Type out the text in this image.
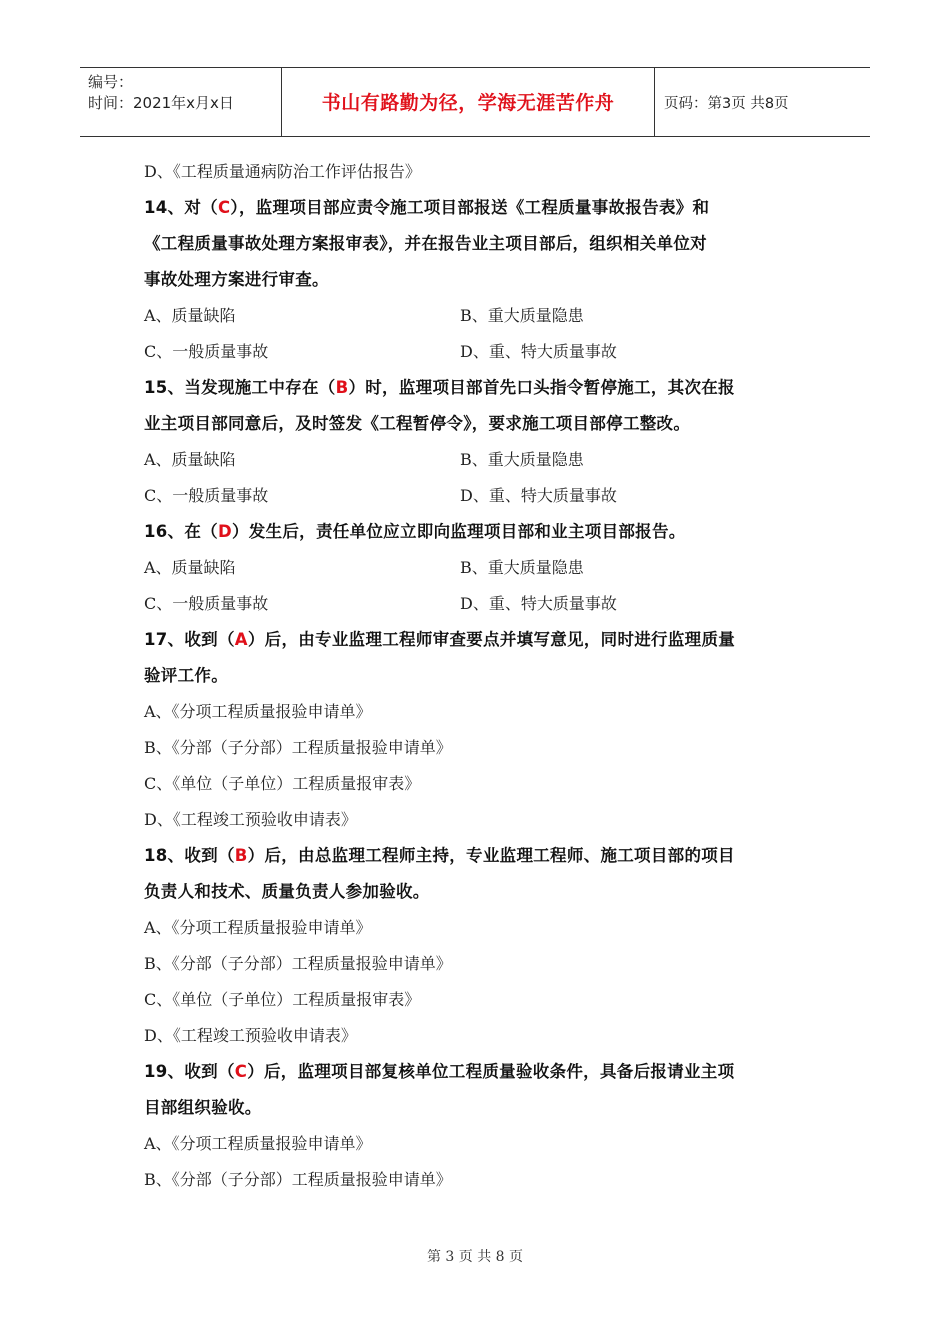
编号：
时间：2021年x月x日	书山有路勤为径，学海无涯苦作舟	页码：第3页 共8页
D、《工程质量通病防治工作评估报告》
14、对（C），监理项目部应责令施工项目部报送《工程质量事故报告表》和
《工程质量事故处理方案报审表》，并在报告业主项目部后，组织相关单位对
事故处理方案进行审查。
A、质量缺陷	B、重大质量隐患
C、一般质量事故	D、重、特大质量事故
15、当发现施工中存在（B）时，监理项目部首先口头指令暂停施工，其次在报
业主项目部同意后，及时签发《工程暂停令》，要求施工项目部停工整改。
A、质量缺陷	B、重大质量隐患
C、一般质量事故	D、重、特大质量事故
16、在（D）发生后，责任单位应立即向监理项目部和业主项目部报告。
A、质量缺陷	B、重大质量隐患
C、一般质量事故	D、重、特大质量事故
17、收到（A）后，由专业监理工程师审查要点并填写意见，同时进行监理质量
验评工作。
A、《分项工程质量报验申请单》
B、《分部（子分部）工程质量报验申请单》
C、《单位（子单位）工程质量报审表》
D、《工程竣工预验收申请表》
18、收到（B）后，由总监理工程师主持，专业监理工程师、施工项目部的项目
负责人和技术、质量负责人参加验收。
A、《分项工程质量报验申请单》
B、《分部（子分部）工程质量报验申请单》
C、《单位（子单位）工程质量报审表》
D、《工程竣工预验收申请表》
19、收到（C）后，监理项目部复核单位工程质量验收条件，具备后报请业主项
目部组织验收。
A、《分项工程质量报验申请单》
B、《分部（子分部）工程质量报验申请单》
第 3 页 共 8 页
